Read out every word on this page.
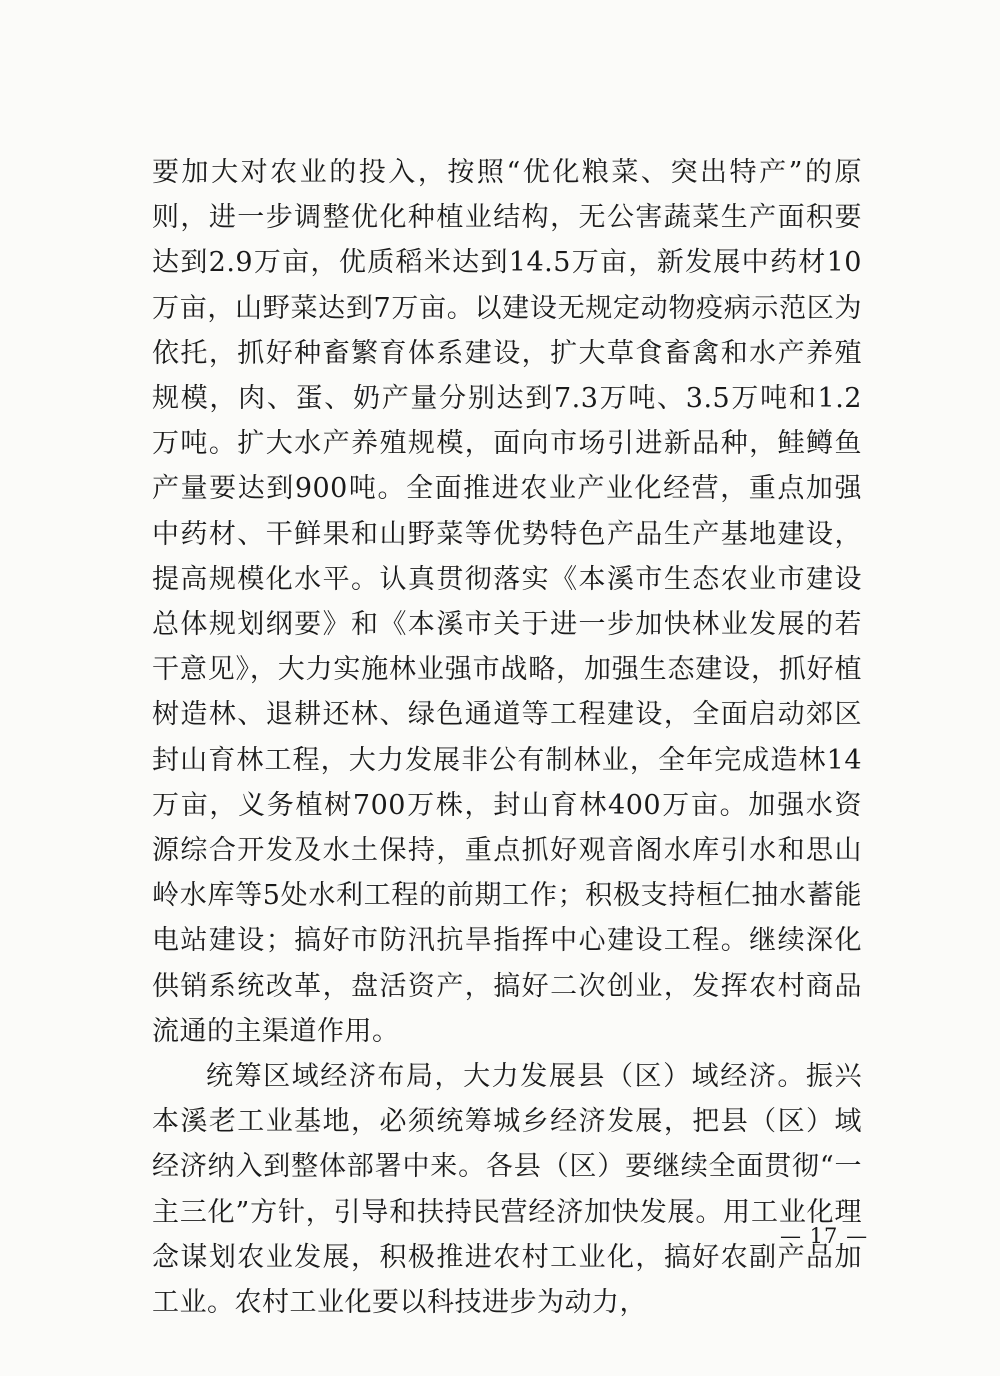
要加大对农业的投入，按照“优化粮菜、突出特产”的原则，进一步调整优化种植业结构，无公害蔬菜生产面积要达到2.9万亩，优质稻米达到14.5万亩，新发展中药材10万亩，山野菜达到7万亩。以建设无规定动物疫病示范区为依托，抓好种畜繁育体系建设，扩大草食畜禽和水产养殖规模，肉、蛋、奶产量分别达到7.3万吨、3.5万吨和1.2万吨。扩大水产养殖规模，面向市场引进新品种，鲑鳟鱼产量要达到900吨。全面推进农业产业化经营，重点加强中药材、干鲜果和山野菜等优势特色产品生产基地建设，提高规模化水平。认真贯彻落实《本溪市生态农业市建设总体规划纲要》和《本溪市关于进一步加快林业发展的若干意见》，大力实施林业强市战略，加强生态建设，抓好植树造林、退耕还林、绿色通道等工程建设，全面启动郊区封山育林工程，大力发展非公有制林业，全年完成造林14万亩，义务植树700万株，封山育林400万亩。加强水资源综合开发及水土保持，重点抓好观音阁水库引水和思山岭水库等5处水利工程的前期工作；积极支持桓仁抽水蓄能电站建设；搞好市防汛抗旱指挥中心建设工程。继续深化供销系统改革，盘活资产，搞好二次创业，发挥农村商品流通的主渠道作用。

统筹区域经济布局，大力发展县（区）域经济。振兴本溪老工业基地，必须统筹城乡经济发展，把县（区）域经济纳入到整体部署中来。各县（区）要继续全面贯彻“一主三化”方针，引导和扶持民营经济加快发展。用工业化理念谋划农业发展，积极推进农村工业化，搞好农副产品加工业。农村工业化要以科技进步为动力，

— 17 —
